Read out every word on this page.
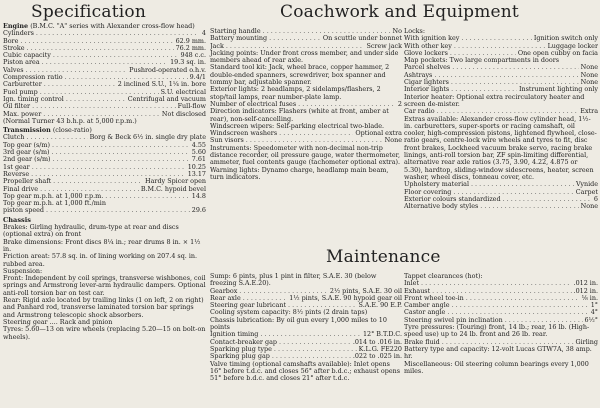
Specification
Engine (B.M.C. "A" series with Alexander cross-flow head)
Cylinders . . .	4
Bore . . .	62.9 mm.
Stroke . . .	76.2 mm.
Cubic capacity . . .	948 c.c.
Piston area . . .	19.3 sq. in.
Valves . . .	Pushrod-operated o.h.v.
Compression ratio . . .	9.4/1
Carburetter . . .	2 inclined S.U., 1¼ in. bore
Fuel pump . . .	S.U. electrical
Ign. timing control . . .	Centrifugal and vacuum
Oil filter . . .	Full-flow
Max. power . . .	Not disclosed
(Normal Turner 43 b.h.p. at 5,000 r.p.m.)
Transmission (close-ratio)
Clutch . . .	Borg & Beck 6½ in. single dry plate
Top gear (s/m) . . .	4.55
3rd gear (s/m) . . .	5.60
2nd gear (s/m) . . .	7.61
1st gear . . .	10.25
Reverse . . .	13.17
Propeller shaft . . .	Hardy Spicer open
Final drive . . .	B.M.C. hypoid bevel
Top gear m.p.h. at 1,000 r.p.m. . . .	14.8
Top gear m.p.h. at 1,000 ft./min
piston speed . . .	29.6
Chassis
Brakes: Girling hydraulic, drum-type at rear and discs (optional extra) on front
Brake dimensions: Front discs 8¼ in.; rear drums 8 in. × 1½ in.
Friction areat: 57.8 sq. in. of lining working on 207.4 sq. in. rubbed area.
Suspension:
Front: Independent by coil springs, transverse wishbones, coil springs and Armstrong lever-arm hydraulic dampers. Optional anti-roll torsion bar on test car.
Rear: Rigid axle located by trailing links (1 on left, 2 on right) and Panhard rod, transverse laminated torsion bar springs and Armstrong telescopic shock absorbers.
Steering gear .... Rack and pinion
Tyres: 5.60—13 on wire wheels (replacing 5.20—15 on bolt-on wheels).
Coachwork and Equipment
Starting handle . . .	No
Battery mounting . . .	On scuttle under bonnet
Jack . . .	Screw jack
Jacking points: Under front cross member, and under side members ahead of rear axle.
Standard tool kit: Jack, wheel brace, copper hammer, 2 double-ended spanners, screwdriver, box spanner and tommy bar, adjustable spanner.
Exterior lights: 2 headlamps, 2 sidelamps/flashers, 2 stop/tail lamps, rear number-plate lamp.
Number of electrical fuses . . .	2
Direction indicators: Flashers (white at front, amber at rear), non-self-cancelling.
Windscreen wipers: Self-parking electrical two-blade.
Windscreen washers . . .	Optional extra
Sun visors . . .	None
Instruments: Speedometer with non-decimal non-trip distance recorder, oil pressure gauge, water thermometer, ammeter, fuel contents gauge (tachometer optional extra).
Warning lights: Dynamo charge, headlamp main beam, turn indicators.
Locks:
With ignition key . . .	Ignition switch only
With other key . . .	Luggage locker
Glove lockers . . .	One open cubby on facia
Map pockets: Two large compartments in doors
Parcel shelves . . .	None
Ashtrays . . .	None
Cigar lighters . . .	None
Interior lights . . .	Instrument lighting only
Interior heater: Optional extra recirculatory heater and screen de-mister.
Car radio . . .	Extra
Extras available: Alexander cross-flow cylinder head, 1½-in. carburetters, super-sports or racing camshaft, oil cooler, high-compression pistons, lightened flywheel, close-ratio gears, centre-lock wire wheels and tyres to fit, disc front brakes, Lockheed vacuum brake servo, racing brake linings, anti-roll torsion bar, ZF spin-limiting differential, alternative rear axle ratios (3.75, 3.90, 4.22, 4.875 or 5.30), hardtop, sliding-window sidescreens, heater, screen washer, wheel discs, tonneau cover, etc.
Upholstery material . . .	Vynide
Floor covering . . .	Carpet
Exterior colours standardized . . .	6
Alternative body styles . . .	None
Maintenance
Sump: 6 pints, plus 1 pint in filter, S.A.E. 30 (below freezing S.A.E.20).
Gearbox . . .	2½ pints, S.A.E. 30 oil
Rear axle . . .	1½ pints, S.A.E. 90 hypoid gear oil
Steering gear lubricant . . .	S.A.E. 90 E.P.
Cooling system capacity: 8½ pints (2 drain taps)
Chassis lubrication: By oil gun every 1,000 miles to 10 points
Ignition timing . . .	12° B.T.D.C.
Contact-breaker gap . . .	.014 to .016 in.
Sparking plug type . . .	K.L.G. FE220
Sparking plug gap . . .	.022 to .025 in.
Valve timing (optional camshafts available): Inlet opens 16° before t.d.c. and closes 56° after b.d.c.; exhaust opens 51° before b.d.c. and closes 21° after t.d.c.
Tappet clearances (hot):
Inlet . . .	.012 in.
Exhaust . . .	.012 in.
Front wheel toe-in . . .	⅛ in.
Camber angle . . .	1°
Castor angle . . .	4°
Steering swivel pin inclination . . .	6½°
Tyre pressures: (Touring) front, 14 lb.; rear, 16 lb. (High-speed use) up to 24 lb. front and 26 lb. rear.
Brake fluid . . .	Girling
Battery type and capacity: 12-volt Lucas GTW7A, 38 amp. hr.
Miscellaneous: Oil steering column bearings every 1,000 miles.
